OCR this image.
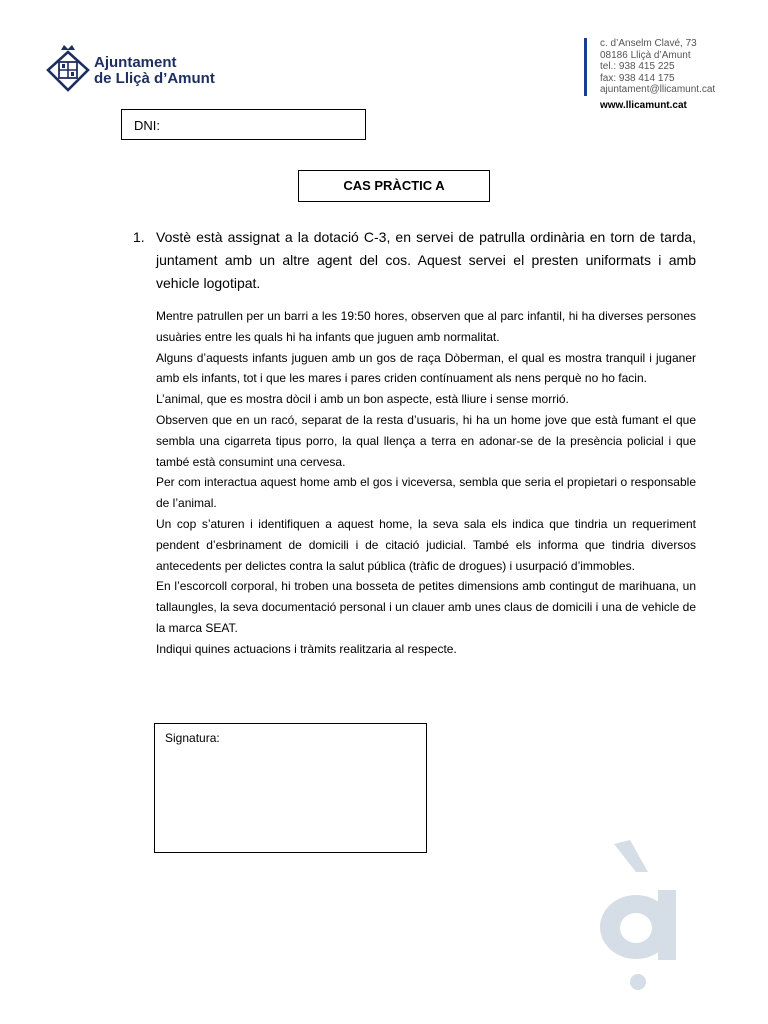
Ajuntament
de Lliçà d’Amunt
c. d’Anselm Clavé, 73
08186 Lliçà d’Amunt
tel.: 938 415 225
fax: 938 414 175
ajuntament@llicamunt.cat
www.llicamunt.cat
DNI:
CAS PRÀCTIC A
1. Vostè està assignat a la dotació C-3, en servei de patrulla ordinària en torn de tarda, juntament amb un altre agent del cos. Aquest servei el presten uniformats i amb vehicle logotipat.

Mentre patrullen per un barri a les 19:50 hores, observen que al parc infantil, hi ha diverses persones usuàries entre les quals hi ha infants que juguen amb normalitat.

Alguns d’aquests infants juguen amb un gos de raça Dòberman, el qual es mostra tranquil i juganer amb els infants, tot i que les mares i pares criden contínuament als nens perquè no ho facin.

L’animal, que es mostra dòcil i amb un bon aspecte, està lliure i sense morrió.

Observen que en un racó, separat de la resta d’usuaris, hi ha un home jove que està fumant el que sembla una cigarreta tipus porro, la qual llença a terra en adonar-se de la presència policial i que també està consumint una cervesa.

Per com interactua aquest home amb el gos i viceversa, sembla que seria el propietari o responsable de l’animal.

Un cop s’aturen i identifiquen a aquest home, la seva sala els indica que tindria un requeriment pendent d’esbrinament de domicili i de citació judicial. També els informa que tindria diversos antecedents per delictes contra la salut pública (tràfic de drogues) i usurpació d’immobles.

En l’escorcoll corporal, hi troben una bosseta de petites dimensions amb contingut de marihuana, un tallaungles, la seva documentació personal i un clauer amb unes claus de domicili i una de vehicle de la marca SEAT.

Indiqui quines actuacions i tràmits realitzaria al respecte.

Signatura:
